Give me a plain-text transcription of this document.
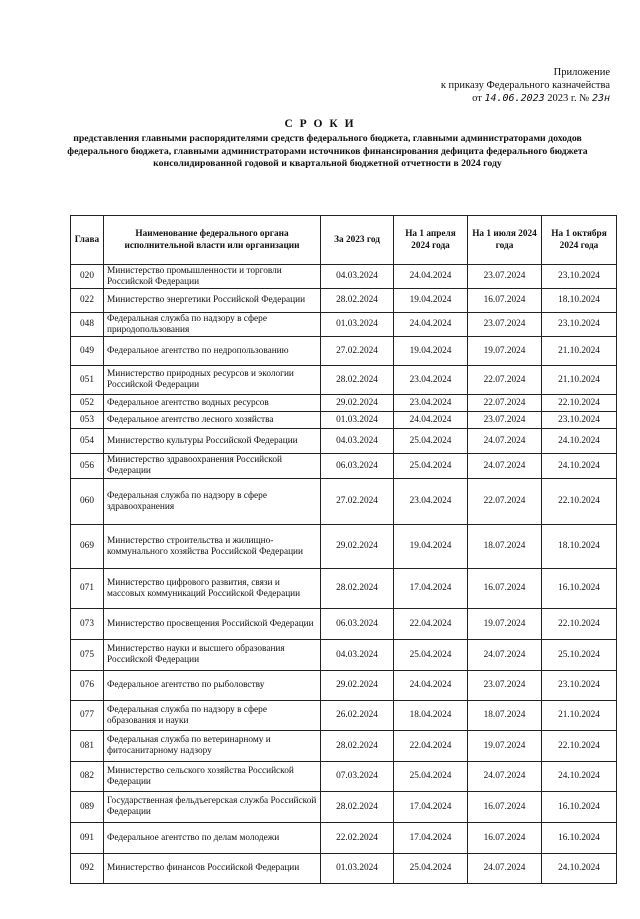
Приложение
к приказу Федерального казначейства
от 14.06.2023 2023 г. № 23н
С Р О К И
представления главными распорядителями средств федерального бюджета, главными администраторами доходов федерального бюджета, главными администраторами источников финансирования дефицита федерального бюджета консолидированной годовой и квартальной бюджетной отчетности в 2024 году
Глава	Наименование федерального органа исполнительной власти или организации	За 2023 год	На 1 апреля 2024 года	На 1 июля 2024 года	На 1 октября 2024 года
020	Министерство промышленности и торговли Российской Федерации	04.03.2024	24.04.2024	23.07.2024	23.10.2024
022	Министерство энергетики Российской Федерации	28.02.2024	19.04.2024	16.07.2024	18.10.2024
048	Федеральная служба по надзору в сфере природопользования	01.03.2024	24.04.2024	23.07.2024	23.10.2024
049	Федеральное агентство по недропользованию	27.02.2024	19.04.2024	19.07.2024	21.10.2024
051	Министерство природных ресурсов и экологии Российской Федерации	28.02.2024	23.04.2024	22.07.2024	21.10.2024
052	Федеральное агентство водных ресурсов	29.02.2024	23.04.2024	22.07.2024	22.10.2024
053	Федеральное агентство лесного хозяйства	01.03.2024	24.04.2024	23.07.2024	23.10.2024
054	Министерство культуры Российской Федерации	04.03.2024	25.04.2024	24.07.2024	24.10.2024
056	Министерство здравоохранения Российской Федерации	06.03.2024	25.04.2024	24.07.2024	24.10.2024
060	Федеральная служба по надзору в сфере здравоохранения	27.02.2024	23.04.2024	22.07.2024	22.10.2024
069	Министерство строительства и жилищно-коммунального хозяйства Российской Федерации	29.02.2024	19.04.2024	18.07.2024	18.10.2024
071	Министерство цифрового развития, связи и массовых коммуникаций Российской Федерации	28.02.2024	17.04.2024	16.07.2024	16.10.2024
073	Министерство просвещения Российской Федерации	06.03.2024	22.04.2024	19.07.2024	22.10.2024
075	Министерство науки и высшего образования Российской Федерации	04.03.2024	25.04.2024	24.07.2024	25.10.2024
076	Федеральное агентство по рыболовству	29.02.2024	24.04.2024	23.07.2024	23.10.2024
077	Федеральная служба по надзору в сфере образования и науки	26.02.2024	18.04.2024	18.07.2024	21.10.2024
081	Федеральная служба по ветеринарному и фитосанитарному надзору	28.02.2024	22.04.2024	19.07.2024	22.10.2024
082	Министерство сельского хозяйства Российской Федерации	07.03.2024	25.04.2024	24.07.2024	24.10.2024
089	Государственная фельдъегерская служба Российской Федерации	28.02.2024	17.04.2024	16.07.2024	16.10.2024
091	Федеральное агентство по делам молодежи	22.02.2024	17.04.2024	16.07.2024	16.10.2024
092	Министерство финансов Российской Федерации	01.03.2024	25.04.2024	24.07.2024	24.10.2024
